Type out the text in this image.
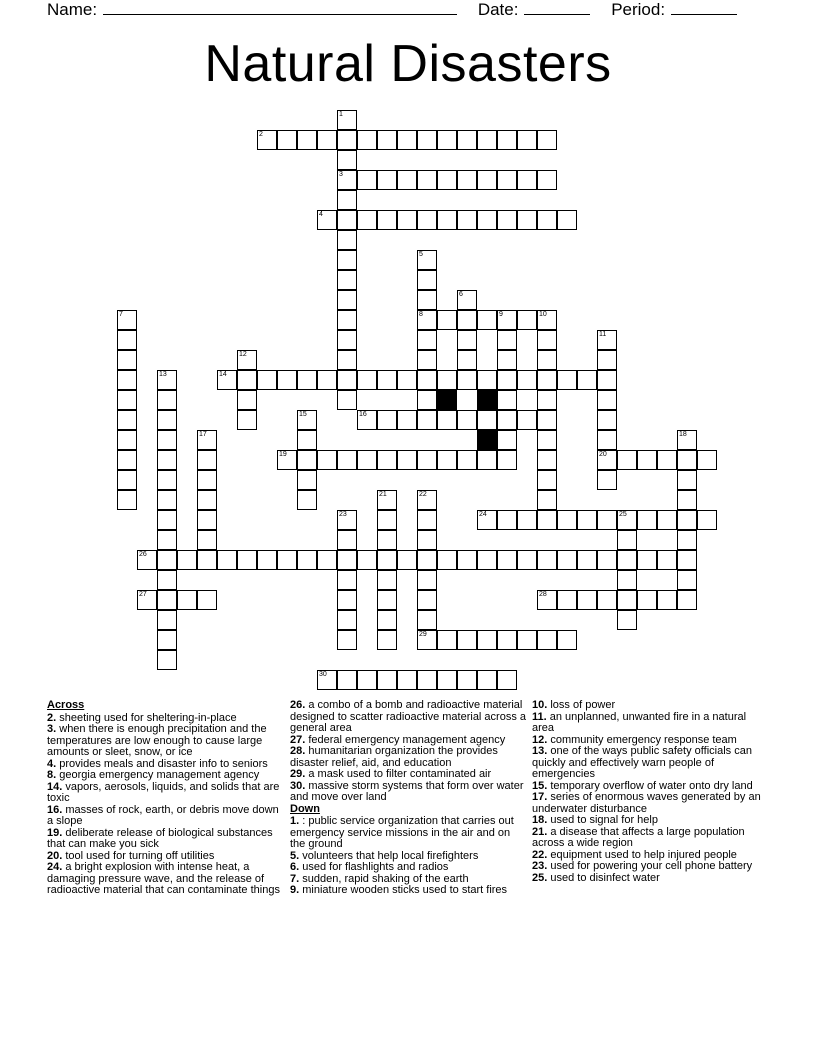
Name:	Date:	Period:
Natural Disasters
2
3
4
8	9
14
16
19	20
24	25
26
27	28
29
30
1
5
6
7	10
11
12
13
15
17	18
21	22
23
Across
2. sheeting used for sheltering-in-place
3. when there is enough precipitation and the temperatures are low enough to cause large amounts or sleet, snow, or ice
4. provides meals and disaster info to seniors
8. georgia emergency management agency
14. vapors, aerosols, liquids, and solids that are toxic
16. masses of rock, earth, or debris move down a slope
19. deliberate release of biological substances that can make you sick
20. tool used for turning off utilities
24. a bright explosion with intense heat, a damaging pressure wave, and the release of radioactive material that can contaminate things
26. a combo of a bomb and radioactive material designed to scatter radioactive material across a general area
27. federal emergency management agency
28. humanitarian organization the provides disaster relief, aid, and education
29. a mask used to filter contaminated air
30. massive storm systems that form over water and move over land
Down
1. : public service organization that carries out emergency service missions in the air and on the ground
5. volunteers that help local firefighters
6. used for flashlights and radios
7. sudden, rapid shaking of the earth
9. miniature wooden sticks used to start fires
10. loss of power
11. an unplanned, unwanted fire in a natural area
12. community emergency response team
13. one of the ways public safety officials can quickly and effectively warn people of emergencies
15. temporary overflow of water onto dry land
17. series of enormous waves generated by an underwater disturbance
18. used to signal for help
21. a disease that affects a large population across a wide region
22. equipment used to help injured people
23. used for powering your cell phone battery
25. used to disinfect water
